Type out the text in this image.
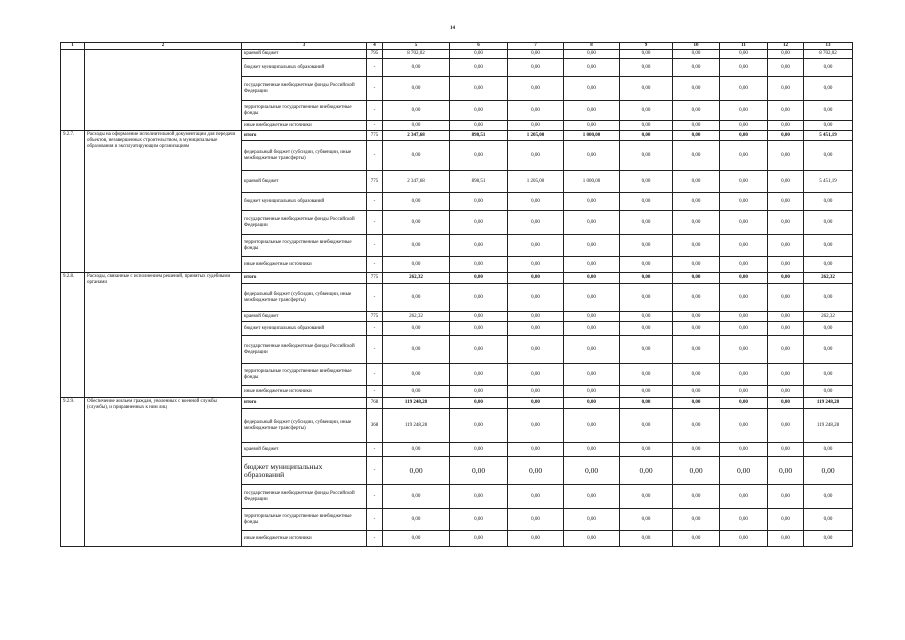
14
1	2	3	4	5	6	7	8	9	10	11	12	13
		краевой бюджет	795	8 702,02	0,00	0,00	0,00	0,00	0,00	0,00	0,00	8 702,02
		бюджет муниципальных образований	-	0,00	0,00	0,00	0,00	0,00	0,00	0,00	0,00	0,00
		государственные внебюджетные фонды Российской Федерации	-	0,00	0,00	0,00	0,00	0,00	0,00	0,00	0,00	0,00
		территориальные государственные внебюджетные фонды	-	0,00	0,00	0,00	0,00	0,00	0,00	0,00	0,00	0,00
		иные внебюджетные источники	-	0,00	0,00	0,00	0,00	0,00	0,00	0,00	0,00	0,00
9.2.7.	Расходы на оформление исполнительной документации для передачи объектов, незавершенных строительством, в муниципальные образования и эксплуатирующим организациям	итого	775	2 347,68	898,51	1 205,00	1 000,00	0,00	0,00	0,00	0,00	5 451,19
		федеральный бюджет (субсидии, субвенции, иные межбюджетные трансферты)	-	0,00	0,00	0,00	0,00	0,00	0,00	0,00	0,00	0,00
		краевой бюджет	775	2 347,68	898,51	1 205,00	1 000,00	0,00	0,00	0,00	0,00	5 451,19
		бюджет муниципальных образований	-	0,00	0,00	0,00	0,00	0,00	0,00	0,00	0,00	0,00
		государственные внебюджетные фонды Российской Федерации	-	0,00	0,00	0,00	0,00	0,00	0,00	0,00	0,00	0,00
		территориальные государственные внебюджетные фонды	-	0,00	0,00	0,00	0,00	0,00	0,00	0,00	0,00	0,00
		иные внебюджетные источники	-	0,00	0,00	0,00	0,00	0,00	0,00	0,00	0,00	0,00
9.2.8.	Расходы, связанные с исполнением решений, принятых судебными органами	итого	775	262,32	0,00	0,00	0,00	0,00	0,00	0,00	0,00	262,32
		федеральный бюджет (субсидии, субвенции, иные межбюджетные трансферты)	-	0,00	0,00	0,00	0,00	0,00	0,00	0,00	0,00	0,00
		краевой бюджет	775	262,32	0,00	0,00	0,00	0,00	0,00	0,00	0,00	262,32
		бюджет муниципальных образований	-	0,00	0,00	0,00	0,00	0,00	0,00	0,00	0,00	0,00
		государственные внебюджетные фонды Российской Федерации	-	0,00	0,00	0,00	0,00	0,00	0,00	0,00	0,00	0,00
		территориальные государственные внебюджетные фонды	-	0,00	0,00	0,00	0,00	0,00	0,00	0,00	0,00	0,00
		иные внебюджетные источники	-	0,00	0,00	0,00	0,00	0,00	0,00	0,00	0,00	0,00
9.2.9.	Обеспечение жильем граждан, уволенных с военной службы (службы), и приравненных к ним лиц	итого	768	119 248,28	0,00	0,00	0,00	0,00	0,00	0,00	0,00	119 248,28
		федеральный бюджет (субсидии, субвенции, иные межбюджетные трансферты)	368	119 248,28	0,00	0,00	0,00	0,00	0,00	0,00	0,00	119 248,28
		краевой бюджет	-	0,00	0,00	0,00	0,00	0,00	0,00	0,00	0,00	0,00
		бюджет муниципальных образований	-	0,00	0,00	0,00	0,00	0,00	0,00	0,00	0,00	0,00
		государственные внебюджетные фонды Российской Федерации	-	0,00	0,00	0,00	0,00	0,00	0,00	0,00	0,00	0,00
		территориальные государственные внебюджетные фонды	-	0,00	0,00	0,00	0,00	0,00	0,00	0,00	0,00	0,00
		иные внебюджетные источники	-	0,00	0,00	0,00	0,00	0,00	0,00	0,00	0,00	0,00
